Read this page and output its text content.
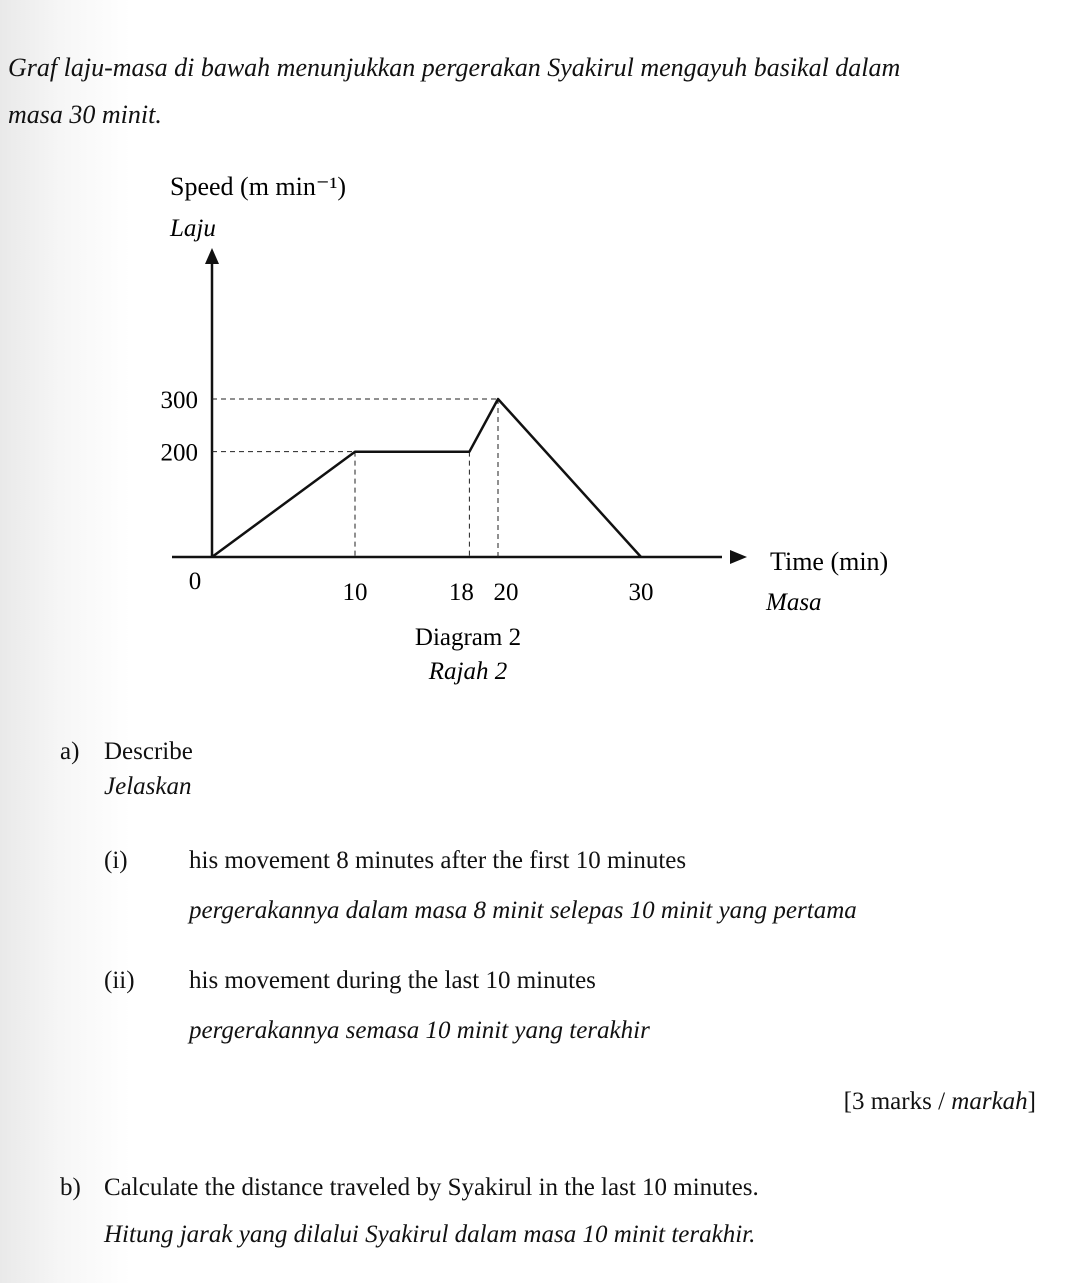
Graf laju-masa di bawah menunjukkan pergerakan Syakirul mengayuh basikal dalam

masa 30 minit.

Speed (m min⁻¹)
Laju
200
300
0	10	18 20	30
Time (min)
Masa
Diagram 2
Rajah 2
a) Describe
Jelaskan
(i) his movement 8 minutes after the first 10 minutes
pergerakannya dalam masa 8 minit selepas 10 minit yang pertama
(ii) his movement during the last 10 minutes
pergerakannya semasa 10 minit yang terakhir

[3 marks / markah]

b) Calculate the distance traveled by Syakirul in the last 10 minutes.
Hitung jarak yang dilalui Syakirul dalam masa 10 minit terakhir.
